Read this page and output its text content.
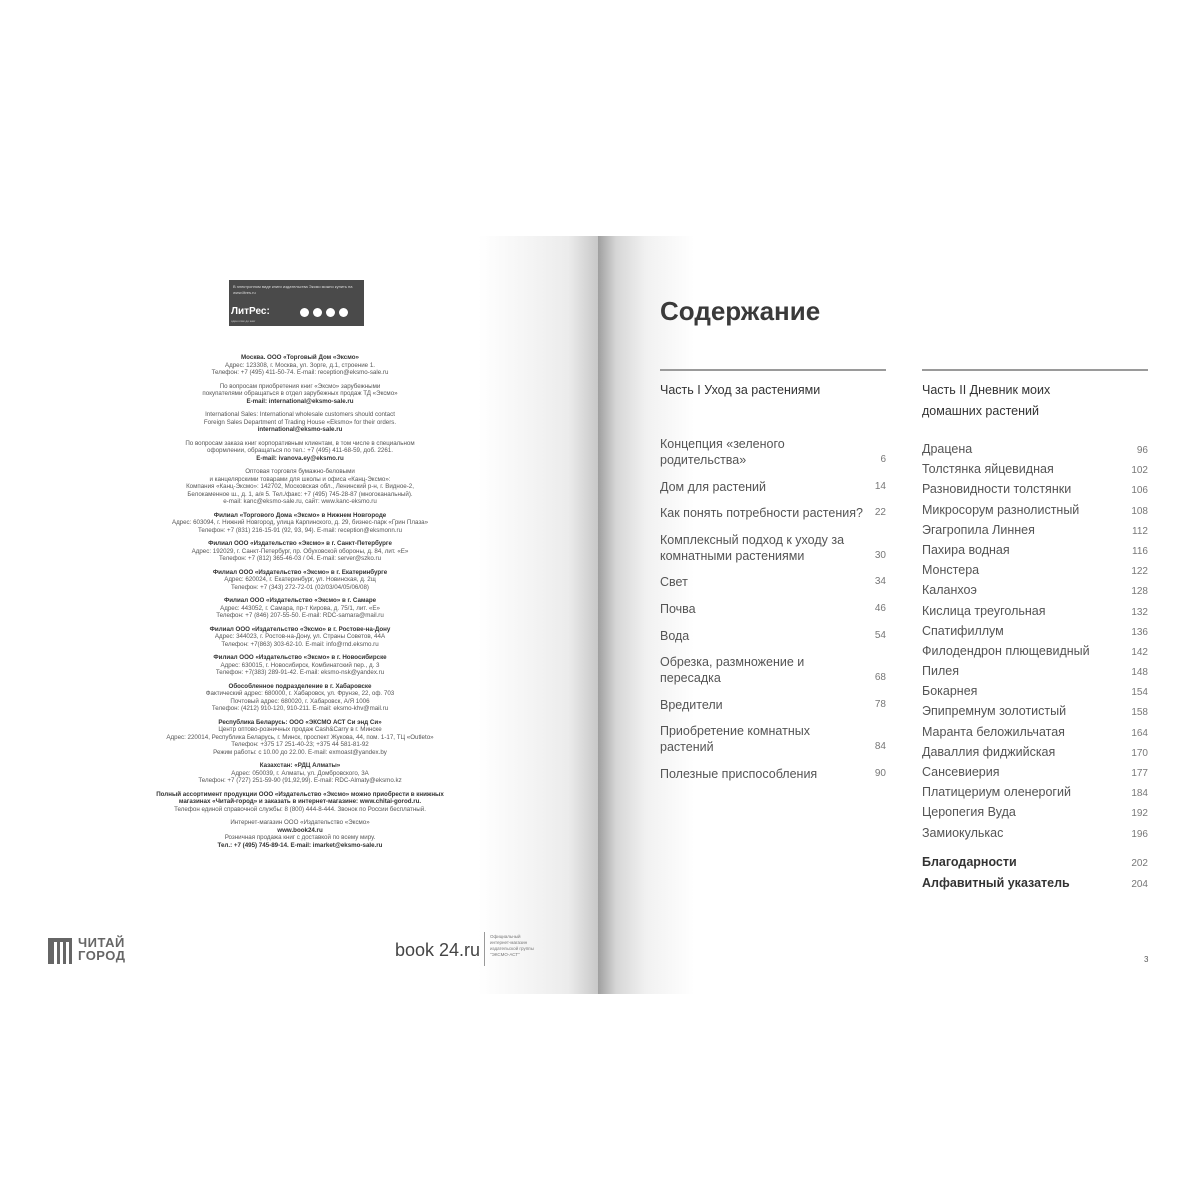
В электронном виде книги издательства Эксмо можно купить на www.litres.ru
ЛитРес:
один клик до книг
Москва. ООО «Торговый Дом «Эксмо»
Адрес: 123308, г. Москва, ул. Зорге, д.1, строение 1.
Телефон: +7 (495) 411-50-74. E-mail: reception@eksmo-sale.ru
По вопросам приобретения книг «Эксмо» зарубежными
покупателями обращаться в отдел зарубежных продаж ТД «Эксмо»
E-mail: international@eksmo-sale.ru
International Sales: International wholesale customers should contact
Foreign Sales Department of Trading House «Eksmo» for their orders.
international@eksmo-sale.ru
По вопросам заказа книг корпоративным клиентам, в том числе в специальном
оформлении, обращаться по тел.: +7 (495) 411-68-59, доб. 2261.
E-mail: ivanova.ey@eksmo.ru
Оптовая торговля бумажно-беловыми
и канцелярскими товарами для школы и офиса «Канц-Эксмо»:
Компания «Канц-Эксмо»: 142702, Московская обл., Ленинский р-н, г. Видное-2,
Белокаменное ш., д. 1, а/я 5. Тел./факс: +7 (495) 745-28-87 (многоканальный).
e-mail: kanc@eksmo-sale.ru, сайт: www.kanc-eksmo.ru
Филиал «Торгового Дома «Эксмо» в Нижнем Новгороде
Адрес: 603094, г. Нижний Новгород, улица Карпинского, д. 29, бизнес-парк «Грин Плаза»
Телефон: +7 (831) 216-15-91 (92, 93, 94). E-mail: reception@eksmonn.ru
Филиал ООО «Издательство «Эксмо» в г. Санкт-Петербурге
Адрес: 192029, г. Санкт-Петербург, пр. Обуховской обороны, д. 84, лит. «Е»
Телефон: +7 (812) 365-46-03 / 04. E-mail: server@szko.ru
Филиал ООО «Издательство «Эксмо» в г. Екатеринбурге
Адрес: 620024, г. Екатеринбург, ул. Новинская, д. 2щ
Телефон: +7 (343) 272-72-01 (02/03/04/05/06/08)
Филиал ООО «Издательство «Эксмо» в г. Самаре
Адрес: 443052, г. Самара, пр-т Кирова, д. 75/1, лит. «Е»
Телефон: +7 (846) 207-55-50. E-mail: RDC-samara@mail.ru
Филиал ООО «Издательство «Эксмо» в г. Ростове-на-Дону
Адрес: 344023, г. Ростов-на-Дону, ул. Страны Советов, 44А
Телефон: +7(863) 303-62-10. E-mail: info@rnd.eksmo.ru
Филиал ООО «Издательство «Эксмо» в г. Новосибирске
Адрес: 630015, г. Новосибирск, Комбинатский пер., д. 3
Телефон: +7(383) 289-91-42. E-mail: eksmo-nsk@yandex.ru
Обособленное подразделение в г. Хабаровске
Фактический адрес: 680000, г. Хабаровск, ул. Фрунзе, 22, оф. 703
Почтовый адрес: 680020, г. Хабаровск, А/Я 1006
Телефон: (4212) 910-120, 910-211. E-mail: eksmo-khv@mail.ru
Республика Беларусь: ООО «ЭКСМО АСТ Си энд Си»
Центр оптово-розничных продаж Cash&Carry в г. Минске
Адрес: 220014, Республика Беларусь, г. Минск, проспект Жукова, 44, пом. 1-17, ТЦ «Outleto»
Телефон: +375 17 251-40-23; +375 44 581-81-92
Режим работы: с 10.00 до 22.00. E-mail: exmoast@yandex.by
Казахстан: «РДЦ Алматы»
Адрес: 050039, г. Алматы, ул. Домбровского, 3А
Телефон: +7 (727) 251-59-90 (91,92,99). E-mail: RDC-Almaty@eksmo.kz
Полный ассортимент продукции ООО «Издательство «Эксмо» можно приобрести в книжных
магазинах «Читай-город» и заказать в интернет-магазине: www.chitai-gorod.ru.
Телефон единой справочной службы: 8 (800) 444-8-444. Звонок по России бесплатный.
Интернет-магазин ООО «Издательство «Эксмо»
www.book24.ru
Розничная продажа книг с доставкой по всему миру.
Тел.: +7 (495) 745-89-14. E-mail: imarket@eksmo-sale.ru
ЧИТАЙ
ГОРОД	book 24.ru
Официальный интернет-магазин издательской группы "ЭКСМО-АСТ"
Содержание
Часть I Уход за растениями	Часть II Дневник моих домашних растений
Концепция «зеленого родительства»	6
Дом для растений	14
Как понять потребности растения?	22
Комплексный подход к уходу за комнатными растениями	30
Свет	34
Почва	46
Вода	54
Обрезка, размножение и пересадка	68
Вредители	78
Приобретение комнатных растений	84
Полезные приспособления	90
Драцена	96
Толстянка яйцевидная	102
Разновидности толстянки	106
Микросорум разнолистный	108
Эгагропила Линнея	112
Пахира водная	116
Монстера	122
Каланхоэ	128
Кислица треугольная	132
Спатифиллум	136
Филодендрон плющевидный	142
Пилея	148
Бокарнея	154
Эпипремнум золотистый	158
Маранта беложильчатая	164
Даваллия фиджийская	170
Сансевиерия	177
Платицериум оленерогий	184
Церопегия Вуда	192
Замиокулькас	196
Благодарности	202
Алфавитный указатель	204
3
